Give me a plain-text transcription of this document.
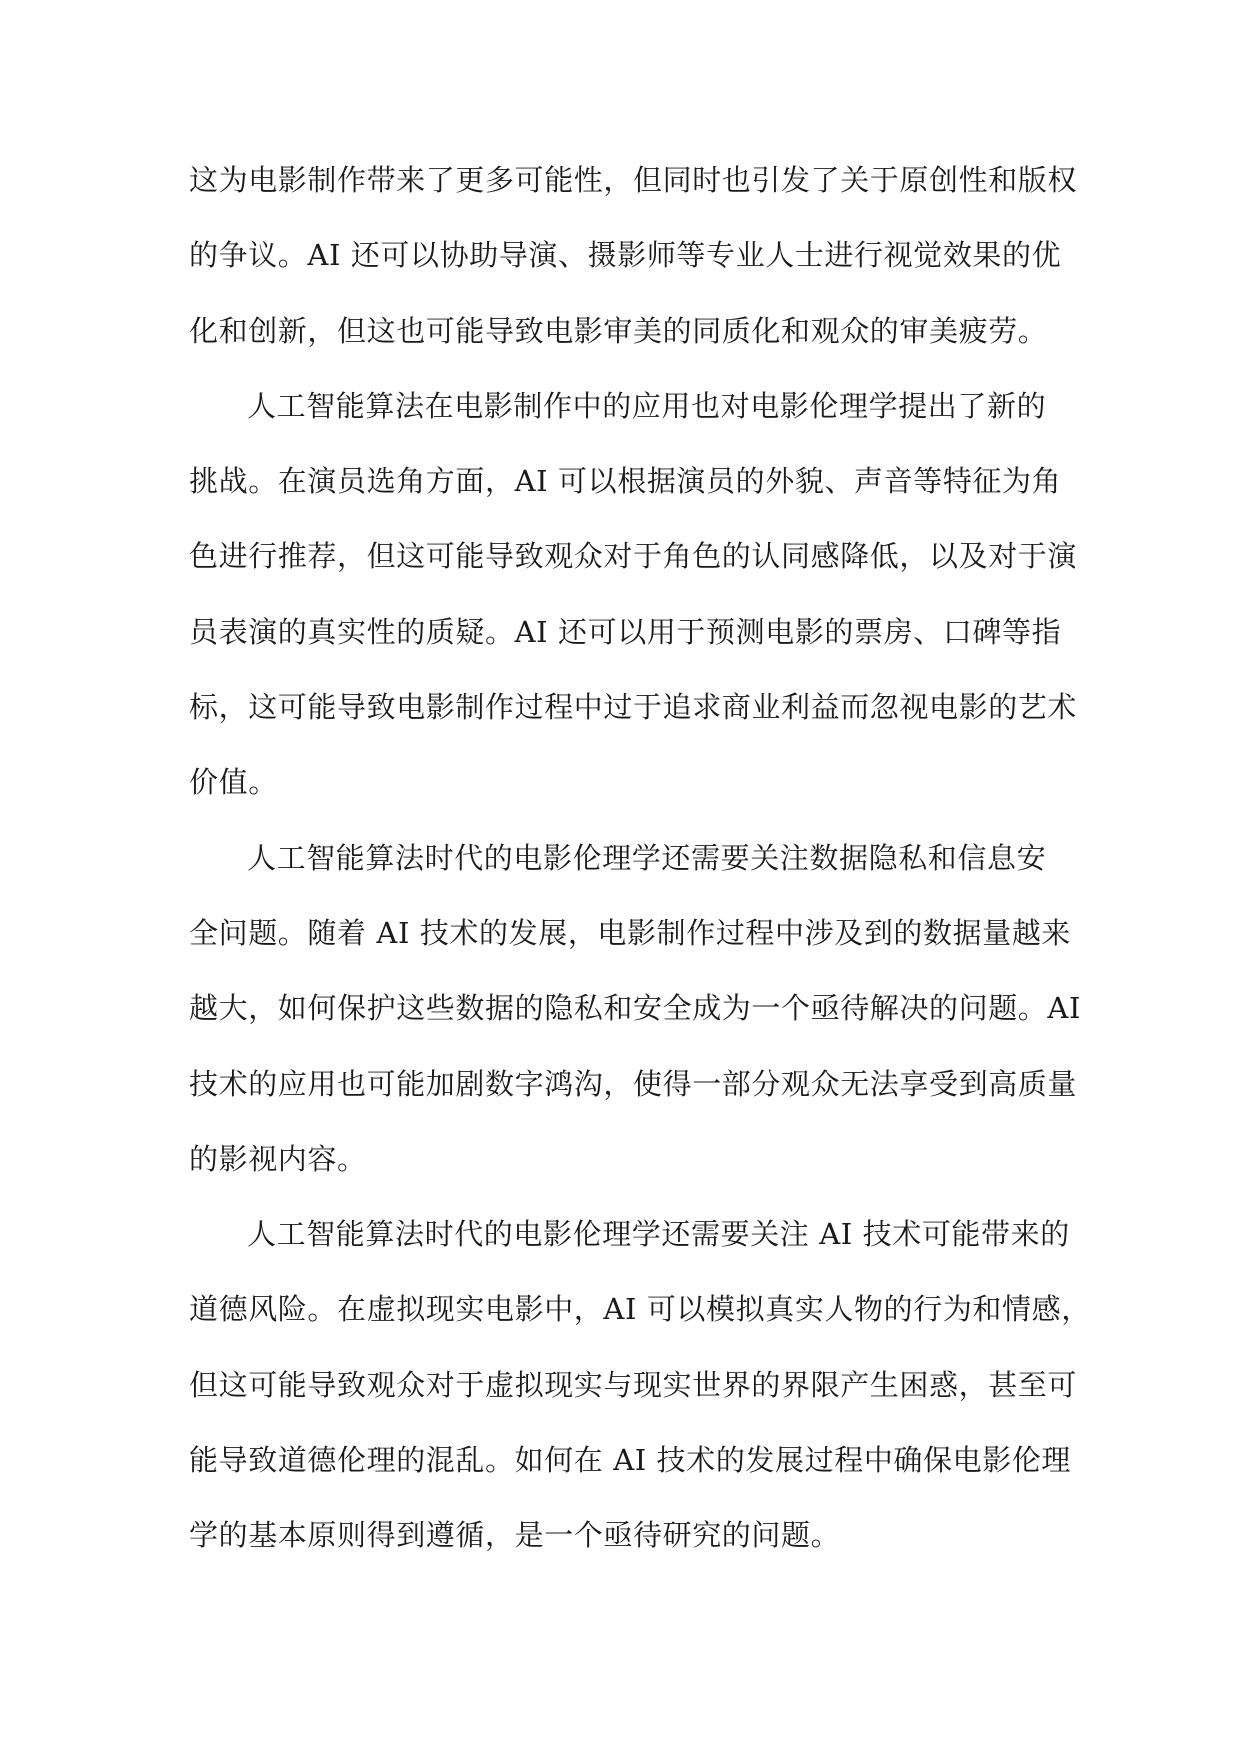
这为电影制作带来了更多可能性，但同时也引发了关于原创性和版权
的争议。AI 还可以协助导演、摄影师等专业人士进行视觉效果的优
化和创新，但这也可能导致电影审美的同质化和观众的审美疲劳。
人工智能算法在电影制作中的应用也对电影伦理学提出了新的
挑战。在演员选角方面，AI 可以根据演员的外貌、声音等特征为角
色进行推荐，但这可能导致观众对于角色的认同感降低，以及对于演
员表演的真实性的质疑。AI 还可以用于预测电影的票房、口碑等指
标，这可能导致电影制作过程中过于追求商业利益而忽视电影的艺术
价值。
人工智能算法时代的电影伦理学还需要关注数据隐私和信息安
全问题。随着 AI 技术的发展，电影制作过程中涉及到的数据量越来
越大，如何保护这些数据的隐私和安全成为一个亟待解决的问题。AI
技术的应用也可能加剧数字鸿沟，使得一部分观众无法享受到高质量
的影视内容。
人工智能算法时代的电影伦理学还需要关注 AI 技术可能带来的
道德风险。在虚拟现实电影中，AI 可以模拟真实人物的行为和情感，
但这可能导致观众对于虚拟现实与现实世界的界限产生困惑，甚至可
能导致道德伦理的混乱。如何在 AI 技术的发展过程中确保电影伦理
学的基本原则得到遵循，是一个亟待研究的问题。
